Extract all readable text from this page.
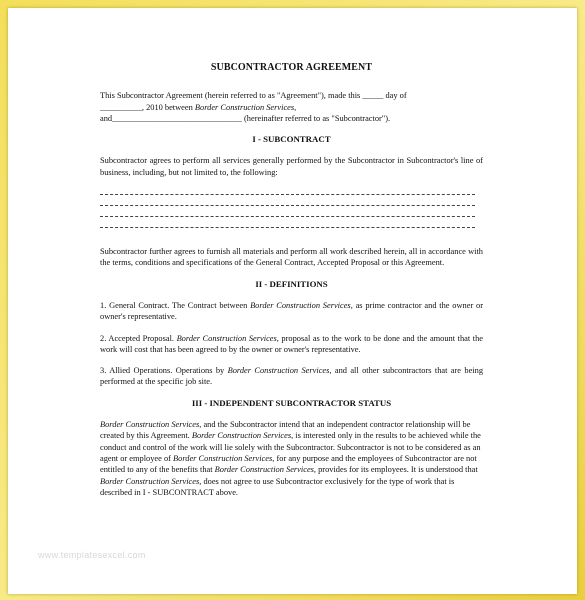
SUBCONTRACTOR AGREEMENT

This Subcontractor Agreement (herein referred to as "Agreement"), made this _____ day of

__________, 2010 between Border Construction Services,

and_______________________________ (hereinafter referred to as "Subcontractor").

I - SUBCONTRACT

Subcontractor agrees to perform all services generally performed by the Subcontractor in Subcontractor's line of business, including, but not limited to, the following:

Subcontractor further agrees to furnish all materials and perform all work described herein, all in accordance with the terms, conditions and specifications of the General Contract, Accepted Proposal or this Agreement.

II - DEFINITIONS

1. General Contract. The Contract between Border Construction Services, as prime contractor and the owner or owner's representative.

2. Accepted Proposal. Border Construction Services, proposal as to the work to be done and the amount that the work will cost that has been agreed to by the owner or owner's representative.

3. Allied Operations. Operations by Border Construction Services, and all other subcontractors that are being performed at the specific job site.

III - INDEPENDENT SUBCONTRACTOR STATUS

Border Construction Services, and the Subcontractor intend that an independent contractor relationship will be created by this Agreement. Border Construction Services, is interested only in the results to be achieved while the conduct and control of the work will lie solely with the Subcontractor. Subcontractor is not to be considered as an agent or employee of Border Construction Services, for any purpose and the employees of Subcontractor are not entitled to any of the benefits that Border Construction Services, provides for its employees. It is understood that Border Construction Services, does not agree to use Subcontractor exclusively for the type of work that is described in I - SUBCONTRACT above.

www.templatesexcel.com
